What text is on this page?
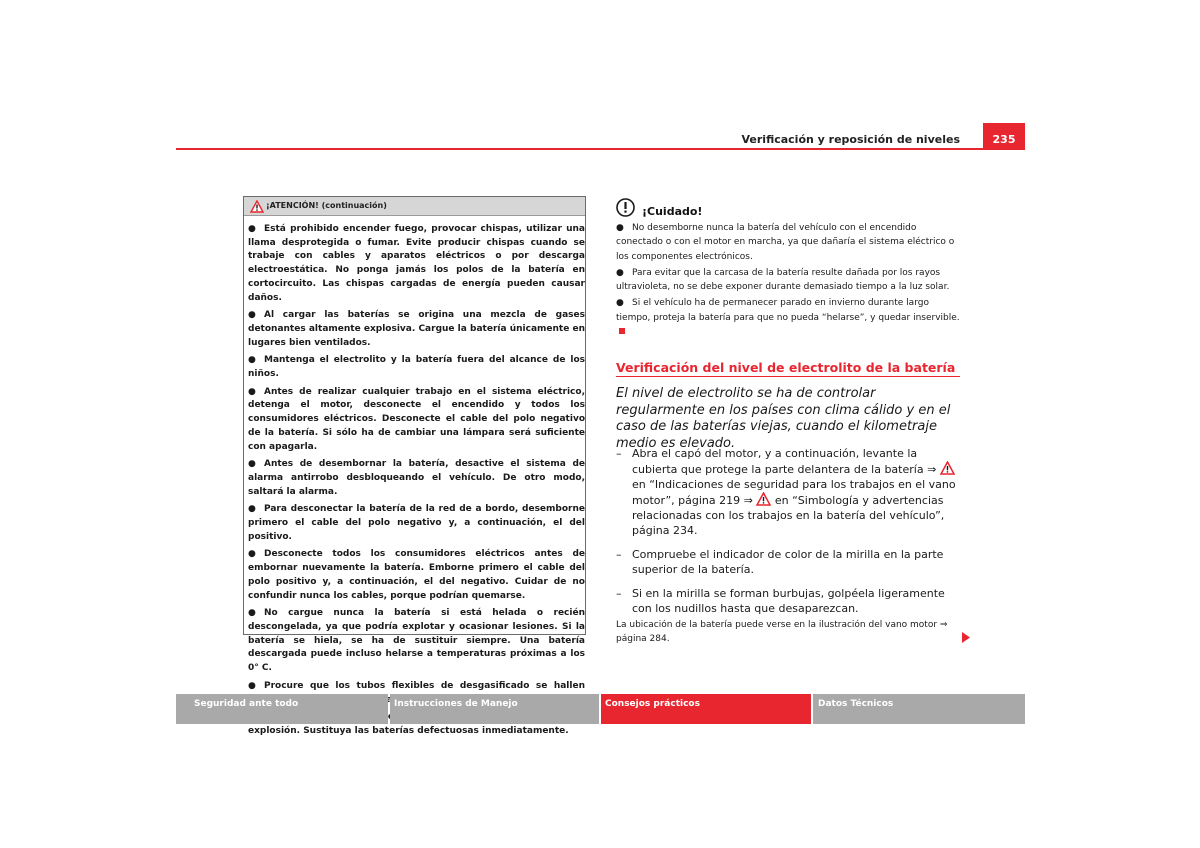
Verificación y reposición de niveles	235
¡ATENCIÓN! (continuación)
● Está prohibido encender fuego, provocar chispas, utilizar una llama desprotegida o fumar. Evite producir chispas cuando se trabaje con cables y aparatos eléctricos o por descarga electroestática. No ponga jamás los polos de la batería en cortocircuito. Las chispas cargadas de energía pueden causar daños.
● Al cargar las baterías se origina una mezcla de gases detonantes altamente explosiva. Cargue la batería únicamente en lugares bien ventilados.
● Mantenga el electrolito y la batería fuera del alcance de los niños.
● Antes de realizar cualquier trabajo en el sistema eléctrico, detenga el motor, desconecte el encendido y todos los consumidores eléctricos. Desconecte el cable del polo negativo de la batería. Si sólo ha de cambiar una lámpara será suficiente con apagarla.
● Antes de desembornar la batería, desactive el sistema de alarma antirrobo desbloqueando el vehículo. De otro modo, saltará la alarma.
● Para desconectar la batería de la red de a bordo, desemborne primero el cable del polo negativo y, a continuación, el del positivo.
● Desconecte todos los consumidores eléctricos antes de embornar nuevamente la batería. Emborne primero el cable del polo positivo y, a continuación, el del negativo. Cuidar de no confundir nunca los cables, porque podrían quemarse.
● No cargue nunca la batería si está helada o recién descongelada, ya que podría explotar y ocasionar lesiones. Si la batería se hiela, se ha de sustituir siempre. Una batería descargada puede incluso helarse a temperaturas próximas a los 0° C.
● Procure que los tubos flexibles de desgasificado se hallen
se explosión. Sustituya las baterías defectuosas inmediatamente.
¡Cuidado!
● No desemborne nunca la batería del vehículo con el encendido conectado o con el motor en marcha, ya que dañaría el sistema eléctrico o los componentes electrónicos.
● Para evitar que la carcasa de la batería resulte dañada por los rayos ultravioleta, no se debe exponer durante demasiado tiempo a la luz solar.
● Si el vehículo ha de permanecer parado en invierno durante largo tiempo, proteja la batería para que no pueda “helarse”, y quedar inservible.
Verificación del nivel de electrolito de la batería

El nivel de electrolito se ha de controlar regularmente en los países con clima cálido y en el caso de las baterías viejas, cuando el kilometraje medio es elevado.

– Abra el capó del motor, y a continuación, levante la cubierta que protege la parte delantera de la batería ⇒  en “Indicaciones de seguridad para los trabajos en el vano motor”, página 219 ⇒  en “Simbología y advertencias relacionadas con los trabajos en la batería del vehículo”, página 234.
– Compruebe el indicador de color de la mirilla en la parte superior de la batería.
– Si en la mirilla se forman burbujas, golpéela ligeramente con los nudillos hasta que desaparezcan.

La ubicación de la batería puede verse en la ilustración del vano motor ⇒ página 284.

Seguridad ante todo	Instrucciones de Manejo	Consejos prácticos	Datos Técnicos
